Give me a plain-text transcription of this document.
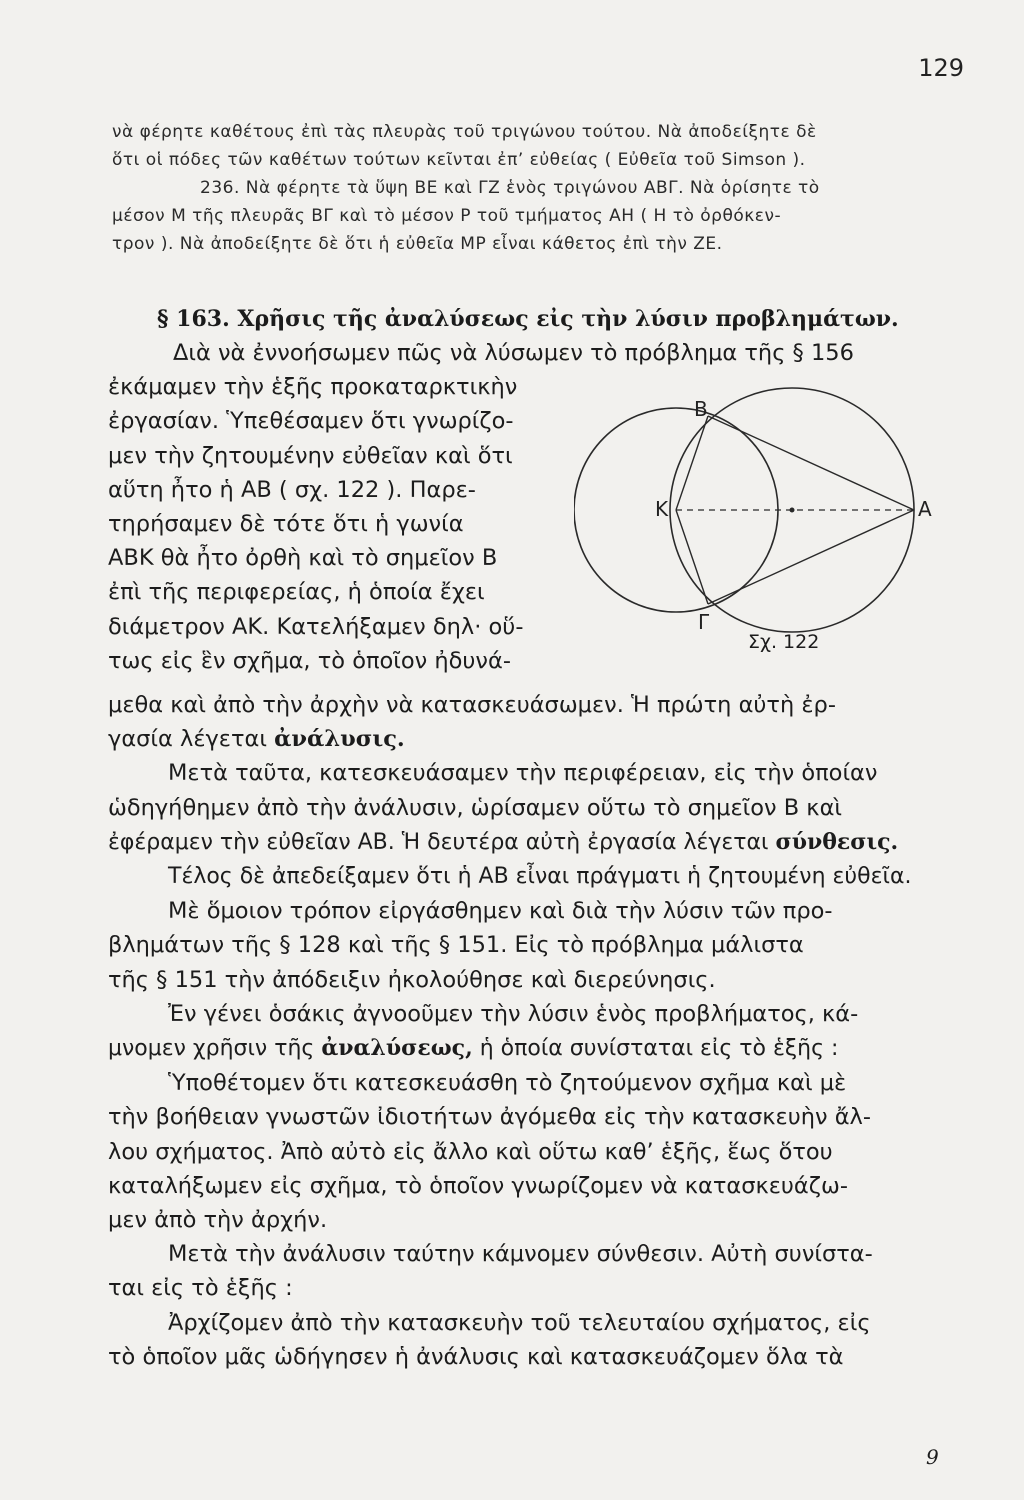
129

νὰ φέρητε καθέτους ἐπὶ τὰς πλευρὰς τοῦ τριγώνου τούτου. Νὰ ἀποδείξητε δὲ

ὅτι οἱ πόδες τῶν καθέτων τούτων κεῖνται ἐπ’ εὐθείας ( Εὐθεῖα τοῦ Simson ).

236. Νὰ φέρητε τὰ ὕψη ΒΕ καὶ ΓΖ ἑνὸς τριγώνου ΑΒΓ. Νὰ ὁρίσητε τὸ

μέσον Μ τῆς πλευρᾶς ΒΓ καὶ τὸ μέσον Ρ τοῦ τμήματος ΑΗ ( Η τὸ ὀρθόκεν-

τρον ). Νὰ ἀποδείξητε δὲ ὅτι ἡ εὐθεῖα ΜΡ εἶναι κάθετος ἐπὶ τὴν ΖΕ.

§ 163. Χρῆσις τῆς ἀναλύσεως εἰς τὴν λύσιν προβλημάτων.

Διὰ νὰ ἐννοήσωμεν πῶς νὰ λύσωμεν τὸ πρόβλημα τῆς § 156

ἐκάμαμεν τὴν ἑξῆς προκαταρκτικὴν

ἐργασίαν. Ὑπεθέσαμεν ὅτι γνωρίζο-

μεν τὴν ζητουμένην εὐθεῖαν καὶ ὅτι

αὕτη ἦτο ἡ ΑΒ ( σχ. 122 ). Παρε-

τηρήσαμεν δὲ τότε ὅτι ἡ γωνία

ΑΒΚ θὰ ἦτο ὀρθὴ καὶ τὸ σημεῖον Β

ἐπὶ τῆς περιφερείας, ἡ ὁποία ἔχει

διάμετρον ΑΚ. Κατελήξαμεν δηλ· οὕ-

τως εἰς ἓν σχῆμα, τὸ ὁποῖον ἠδυνά-

Β
Κ	Α
Γ
Σχ. 122

μεθα καὶ ἀπὸ τὴν ἀρχὴν νὰ κατασκευάσωμεν. Ἡ πρώτη αὐτὴ ἐρ-

γασία λέγεται ἀνάλυσις.

Μετὰ ταῦτα, κατεσκευάσαμεν τὴν περιφέρειαν, εἰς τὴν ὁποίαν

ὡδηγήθημεν ἀπὸ τὴν ἀνάλυσιν, ὡρίσαμεν οὕτω τὸ σημεῖον Β καὶ

ἐφέραμεν τὴν εὐθεῖαν ΑΒ. Ἡ δευτέρα αὐτὴ ἐργασία λέγεται σύνθεσις.

Τέλος δὲ ἀπεδείξαμεν ὅτι ἡ ΑΒ εἶναι πράγματι ἡ ζητουμένη εὐθεῖα.

Μὲ ὅμοιον τρόπον εἰργάσθημεν καὶ διὰ τὴν λύσιν τῶν προ-

βλημάτων τῆς § 128 καὶ τῆς § 151. Εἰς τὸ πρόβλημα μάλιστα

τῆς § 151 τὴν ἀπόδειξιν ἠκολούθησε καὶ διερεύνησις.

Ἐν γένει ὁσάκις ἀγνοοῦμεν τὴν λύσιν ἑνὸς προβλήματος, κά-

μνομεν χρῆσιν τῆς ἀναλύσεως, ἡ ὁποία συνίσταται εἰς τὸ ἑξῆς :

Ὑποθέτομεν ὅτι κατεσκευάσθη τὸ ζητούμενον σχῆμα καὶ μὲ

τὴν βοήθειαν γνωστῶν ἰδιοτήτων ἀγόμεθα εἰς τὴν κατασκευὴν ἄλ-

λου σχήματος. Ἀπὸ αὐτὸ εἰς ἄλλο καὶ οὕτω καθ’ ἑξῆς, ἕως ὅτου

καταλήξωμεν εἰς σχῆμα, τὸ ὁποῖον γνωρίζομεν νὰ κατασκευάζω-

μεν ἀπὸ τὴν ἀρχήν.

Μετὰ τὴν ἀνάλυσιν ταύτην κάμνομεν σύνθεσιν. Αὐτὴ συνίστα-

ται εἰς τὸ ἑξῆς :

Ἀρχίζομεν ἀπὸ τὴν κατασκευὴν τοῦ τελευταίου σχήματος, εἰς

τὸ ὁποῖον μᾶς ὡδήγησεν ἡ ἀνάλυσις καὶ κατασκευάζομεν ὅλα τὰ

9
